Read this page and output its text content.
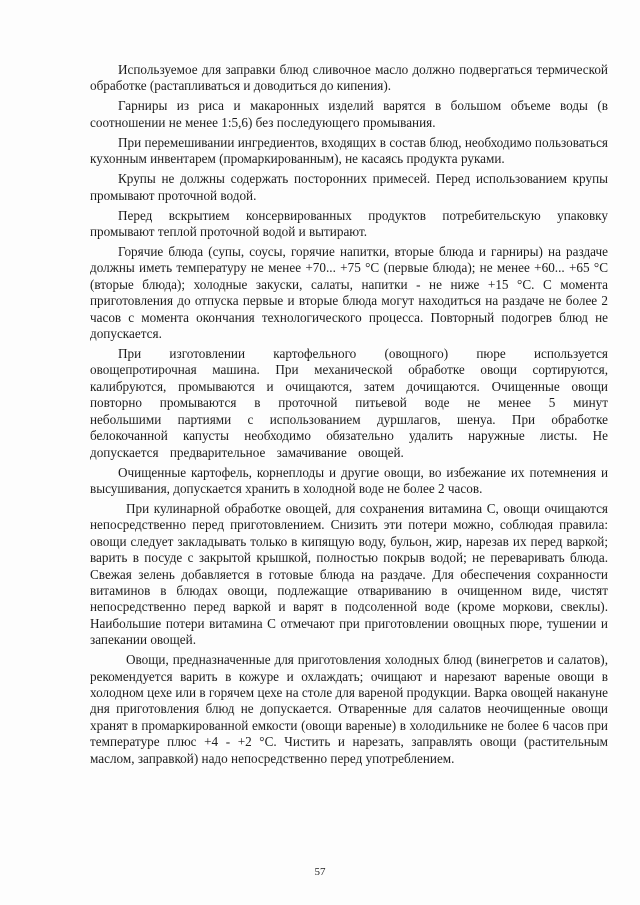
Используемое для заправки блюд сливочное масло должно подвергаться термической обработке (растапливаться и доводиться до кипения).

Гарниры из риса и макаронных изделий варятся в большом объеме воды (в соотношении не менее 1:5,6) без последующего промывания.

При перемешивании ингредиентов, входящих в состав блюд, необходимо пользоваться кухонным инвентарем (промаркированным), не касаясь продукта руками.

Крупы не должны содержать посторонних примесей. Перед использованием крупы промывают проточной водой.

Перед вскрытием консервированных продуктов потребительскую упаковку промывают теплой проточной водой и вытирают.

Горячие блюда (супы, соусы, горячие напитки, вторые блюда и гарниры) на раздаче должны иметь температуру не менее +70... +75 °С (первые блюда); не менее +60... +65 °С (вторые блюда); холодные закуски, салаты, напитки - не ниже +15 °С. С момента приготовления до отпуска первые и вторые блюда могут находиться на раздаче не более 2 часов с момента окончания технологического процесса. Повторный подогрев блюд не допускается.

При изготовлении картофельного (овощного) пюре используется овощепротирочная машина. При механической обработке овощи сортируются, калибруются, промываются и очищаются, затем дочищаются. Очищенные овощи повторно промываются в проточной питьевой воде не менее 5 минут небольшими партиями с использованием дуршлагов, шенуа. При обработке белокочанной капусты необходимо обязательно удалить наружные листы. Не допускается предварительное замачивание овощей.

Очищенные картофель, корнеплоды и другие овощи, во избежание их потемнения и высушивания, допускается хранить в холодной воде не более 2 часов.

При кулинарной обработке овощей, для сохранения витамина С, овощи очищаются непосредственно перед приготовлением. Снизить эти потери можно, соблюдая правила: овощи следует закладывать только в кипящую воду, бульон, жир, нарезав их перед варкой; варить в посуде с закрытой крышкой, полностью покрыв водой; не переваривать блюда. Свежая зелень добавляется в готовые блюда на раздаче. Для обеспечения сохранности витаминов в блюдах овощи, подлежащие отвариванию в очищенном виде, чистят непосредственно перед варкой и варят в подсоленной воде (кроме моркови, свеклы). Наибольшие потери витамина С отмечают при приготовлении овощных пюре, тушении и запекании овощей.

Овощи, предназначенные для приготовления холодных блюд (винегретов и салатов), рекомендуется варить в кожуре и охлаждать; очищают и нарезают вареные овощи в холодном цехе или в горячем цехе на столе для вареной продукции. Варка овощей накануне дня приготовления блюд не допускается. Отваренные для салатов неочищенные овощи хранят в промаркированной емкости (овощи вареные) в холодильнике не более 6 часов при температуре плюс +4 - +2 °С. Чистить и нарезать, заправлять овощи (растительным маслом, заправкой) надо непосредственно перед употреблением.

57
